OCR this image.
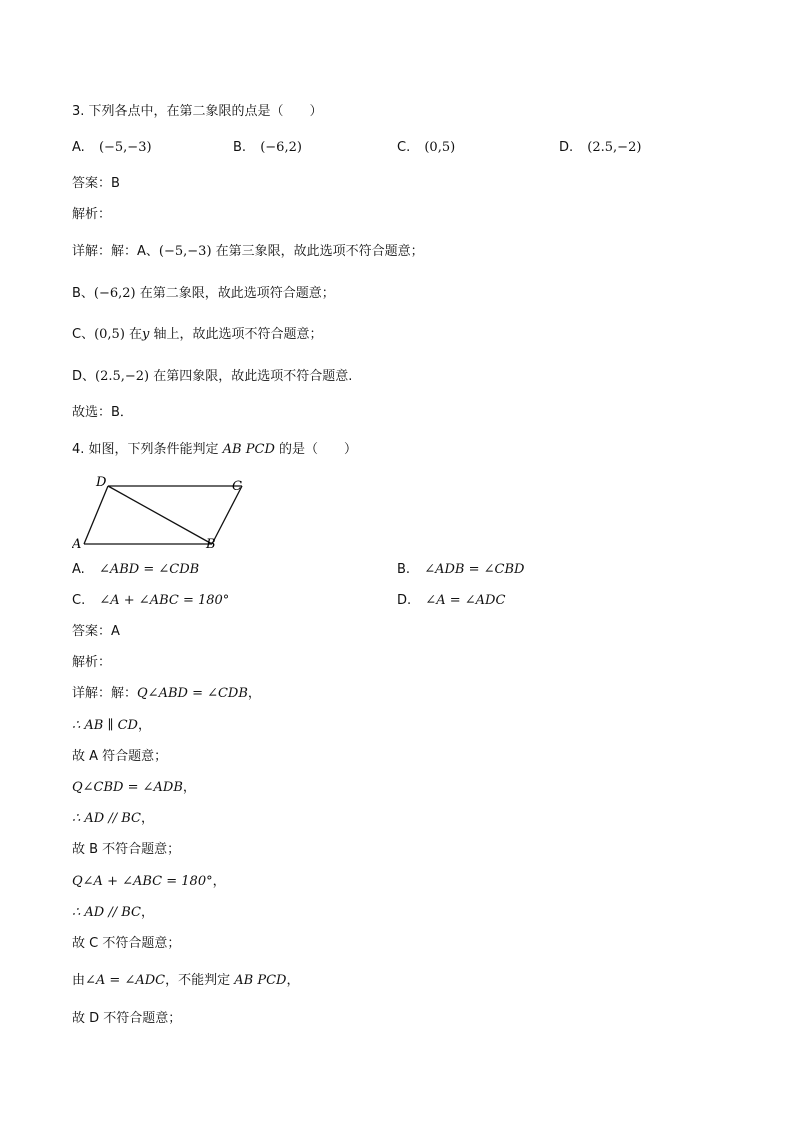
3. 下列各点中，在第二象限的点是（　　）
A. (−5,−3)	B. (−6,2)	C. (0,5)	D. (2.5,−2)
答案：B
解析：
详解：解：A、(−5,−3) 在第三象限，故此选项不符合题意；
B、(−6,2) 在第二象限，故此选项符合题意；
C、(0,5) 在y 轴上，故此选项不符合题意；
D、(2.5,−2) 在第四象限，故此选项不符合题意.
故选：B．
4. 如图，下列条件能判定 AB PCD 的是（　　）
D	C
A	B
A. ∠ABD = ∠CDB	B. ∠ADB = ∠CBD
C. ∠A + ∠ABC = 180°	D. ∠A = ∠ADC
答案：A
解析：
详解：解：Q∠ABD = ∠CDB，
∴ AB ∥ CD，
故 A 符合题意；
Q∠CBD = ∠ADB，
∴ AD // BC，
故 B 不符合题意；
Q∠A + ∠ABC = 180°，
∴ AD // BC，
故 C 不符合题意；
由∠A = ∠ADC，不能判定 AB PCD，
故 D 不符合题意；
